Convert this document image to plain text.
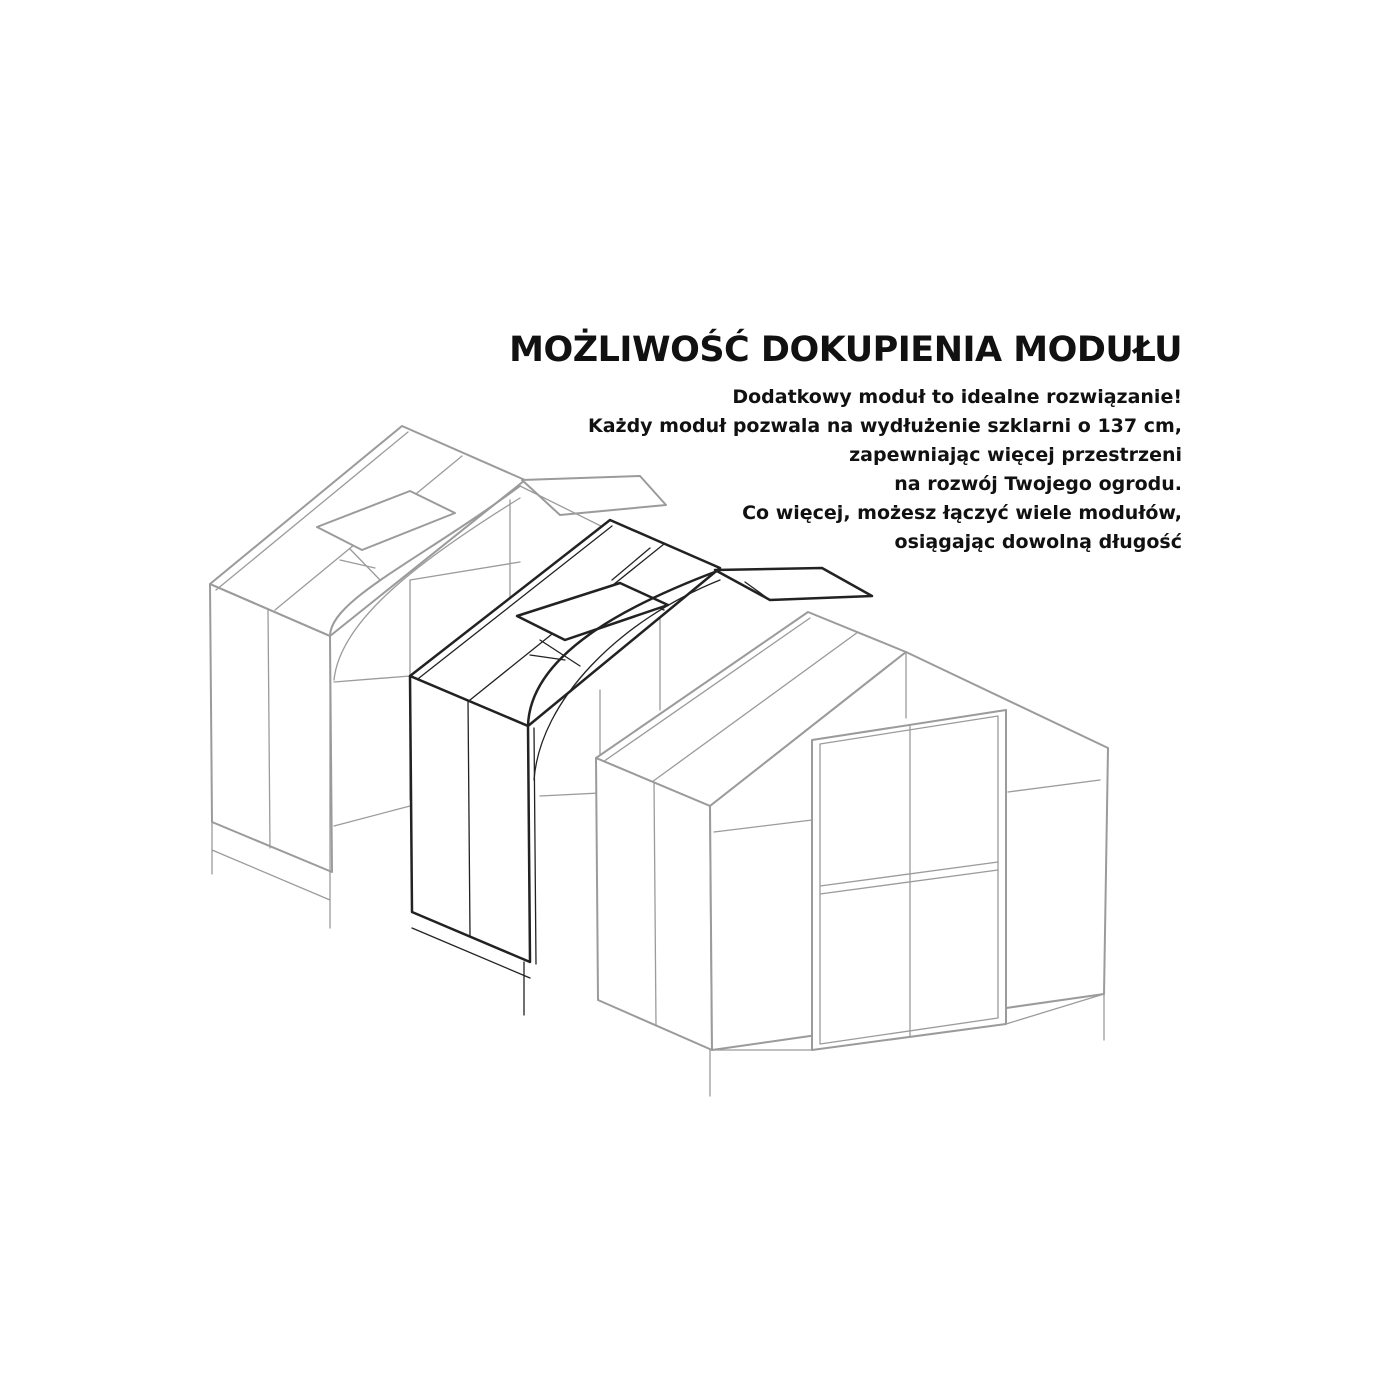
MOŻLIWOŚĆ DOKUPIENIA MODUŁU
Dodatkowy moduł to idealne rozwiązanie!
Każdy moduł pozwala na wydłużenie szklarni o 137 cm,
zapewniając więcej przestrzeni
na rozwój Twojego ogrodu.
Co więcej, możesz łączyć wiele modułów,
osiągając dowolną długość
